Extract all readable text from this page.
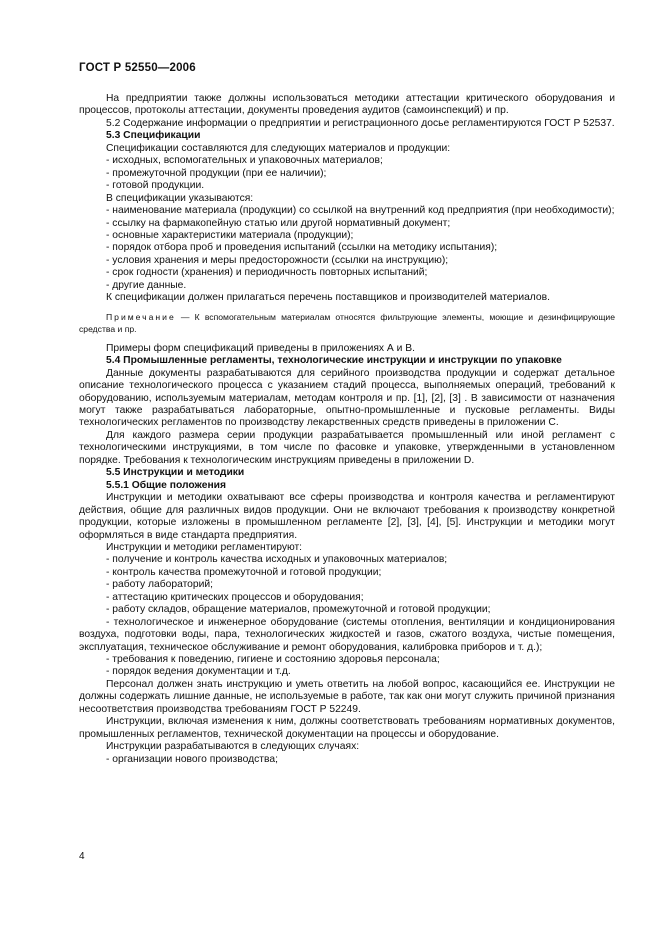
ГОСТ Р 52550—2006

На предприятии также должны использоваться методики аттестации критического оборудования и процессов, протоколы аттестации, документы проведения аудитов (самоинспекций) и пр.

5.2 Содержание информации о предприятии и регистрационного досье регламентируются ГОСТ Р 52537.

5.3 Спецификации

Спецификации составляются для следующих материалов и продукции:

- исходных, вспомогательных и упаковочных материалов;

- промежуточной продукции (при ее наличии);

- готовой продукции.

В спецификации указываются:

- наименование материала (продукции) со ссылкой на внутренний код предприятия (при необходимости);

- ссылку на фармакопейную статью или другой нормативный документ;

- основные характеристики материала (продукции);

- порядок отбора проб и проведения испытаний (ссылки на методику испытания);

- условия хранения и меры предосторожности (ссылки на инструкцию);

- срок годности (хранения) и периодичность повторных испытаний;

- другие данные.

К спецификации должен прилагаться перечень поставщиков и производителей материалов.

Примечание — К вспомогательным материалам относятся фильтрующие элементы, моющие и дезинфицирующие средства и пр.

Примеры форм спецификаций приведены в приложениях А и В.

5.4 Промышленные регламенты, технологические инструкции и инструкции по упаковке

Данные документы разрабатываются для серийного производства продукции и содержат детальное описание технологического процесса с указанием стадий процесса, выполняемых операций, требований к оборудованию, используемым материалам, методам контроля и пр. [1], [2], [3] . В зависимости от назначения могут также разрабатываться лабораторные, опытно-промышленные и пусковые регламенты. Виды технологических регламентов по производству лекарственных средств приведены в приложении С.

Для каждого размера серии продукции разрабатывается промышленный или иной регламент с технологическими инструкциями, в том числе по фасовке и упаковке, утвержденными в установленном порядке. Требования к технологическим инструкциям приведены в приложении D.

5.5 Инструкции и методики

5.5.1 Общие положения

Инструкции и методики охватывают все сферы производства и контроля качества и регламентируют действия, общие для различных видов продукции. Они не включают требования к производству конкретной продукции, которые изложены в промышленном регламенте [2], [3], [4], [5]. Инструкции и методики могут оформляться в виде стандарта предприятия.

Инструкции и методики регламентируют:

- получение и контроль качества исходных и упаковочных материалов;

- контроль качества промежуточной и готовой продукции;

- работу лабораторий;

- аттестацию критических процессов и оборудования;

- работу складов, обращение материалов, промежуточной и готовой продукции;

- технологическое и инженерное оборудование (системы отопления, вентиляции и кондиционирования воздуха, подготовки воды, пара, технологических жидкостей и газов, сжатого воздуха, чистые помещения, эксплуатация, техническое обслуживание и ремонт оборудования, калибровка приборов и т. д.);

- требования к поведению, гигиене и состоянию здоровья персонала;

- порядок ведения документации и т.д.

Персонал должен знать инструкцию и уметь ответить на любой вопрос, касающийся ее. Инструкции не должны содержать лишние данные, не используемые в работе, так как они могут служить причиной признания несоответствия производства требованиям ГОСТ Р 52249.

Инструкции, включая изменения к ним, должны соответствовать требованиям нормативных документов, промышленных регламентов, технической документации на процессы и оборудование.

Инструкции разрабатываются в следующих случаях:

- организации нового производства;

4
